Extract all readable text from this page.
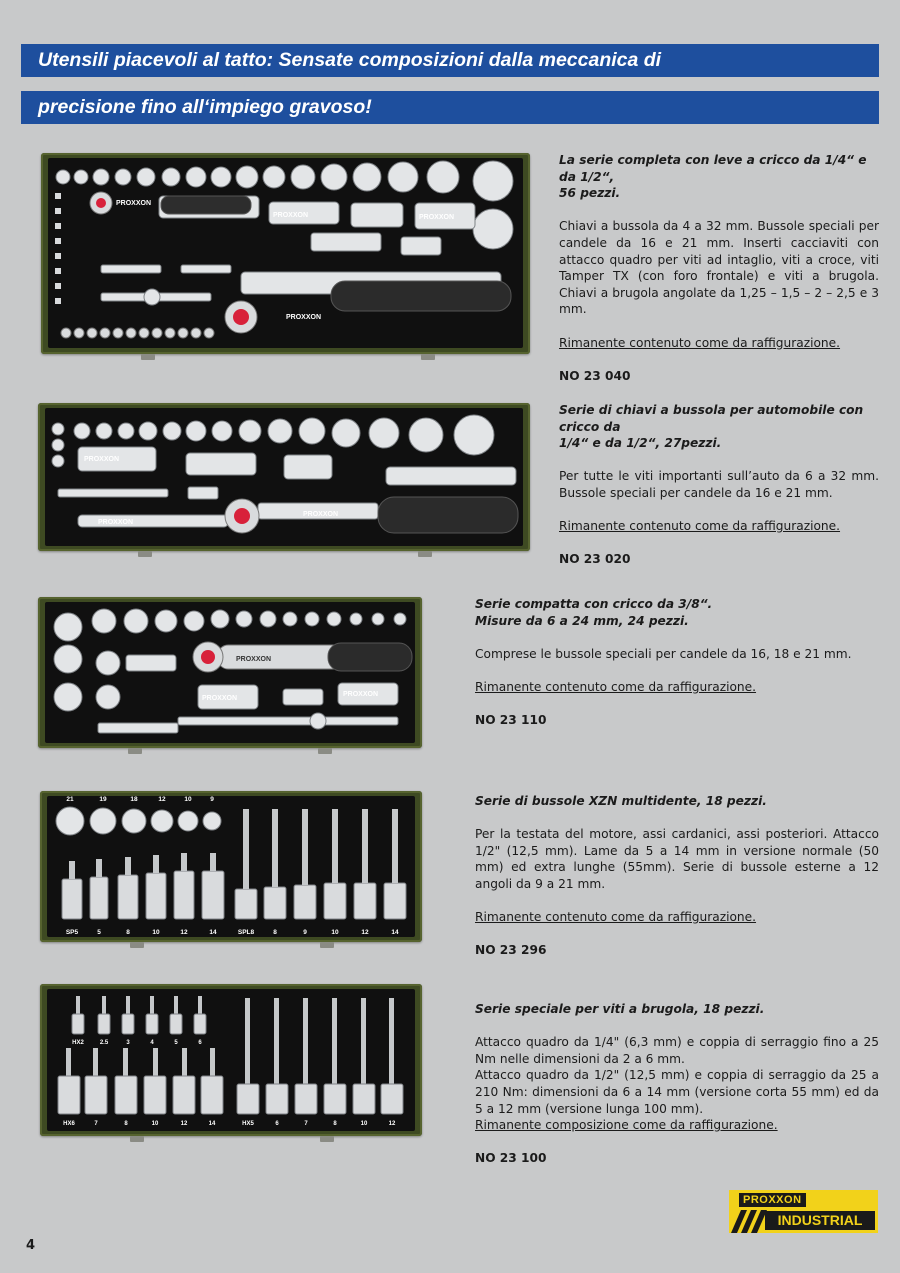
Utensili piacevoli al tatto: Sensate composizioni dalla meccanica di
precisione fino all‘impiego gravoso!
PROXXON
PROXXON	PROXXON
PROXXON

La serie completa con leve a cricco da 1/4“ e da 1/2“,

56 pezzi.

Chiavi a bussola da 4 a 32 mm. Bussole speciali per candele da 16 e 21 mm. Inserti cacciaviti con attacco quadro per viti ad intaglio, viti a croce, viti Tamper TX (con foro frontale) e viti a brugola. Chiavi a brugola angolate da 1,25 – 1,5 – 2 – 2,5 e 3 mm.

Rimanente contenuto come da raffigurazione.

NO 23 040

PROXXON
PROXXON
PROXXON

Serie di chiavi a bussola per automobile con cricco da

1/4“ e da 1/2“, 27pezzi.

Per tutte le viti importanti sull’auto da 6 a 32 mm. Bussole speciali per candele da 16 e 21 mm.

Rimanente contenuto come da raffigurazione.

NO 23 020

PROXXON
PROXXON
PROXXON

Serie compatta con cricco da 3/8“.

Misure da 6 a 24 mm, 24 pezzi.

Comprese le bussole speciali per candele da 16, 18 e 21 mm.

Rimanente contenuto come da raffigurazione.

NO 23 110

21	19	18	12	10	9
SP5	5	8	10	12	14	SPL8	8	9	10	12	14

Serie di bussole XZN multidente, 18 pezzi.

Per la testata del motore, assi cardanici, assi posteriori. Attacco 1/2" (12,5 mm). Lame da 5 a 14 mm in versione normale (50 mm) ed extra lunghe (55mm). Serie di bussole esterne a 12 angoli da 9 a 21 mm.

Rimanente contenuto come da raffigurazione.

NO 23 296

HX2	2.5	3	4	5	6
HX6	7	8	10	12	14	HX5	6	7	8	10	12

Serie speciale per viti a brugola, 18 pezzi.

Attacco quadro da 1/4" (6,3 mm) e coppia di serraggio fino a 25 Nm nelle dimensioni da 2 a 6 mm.

Attacco quadro da 1/2" (12,5 mm) e coppia di serraggio da 25 a 210 Nm: dimensioni da 6 a 14 mm (versione corta 55 mm) ed da 5 a 12 mm (versione lunga 100 mm).

Rimanente composizione come da raffigurazione.

NO 23 100

PROXXON
INDUSTRIAL
4
